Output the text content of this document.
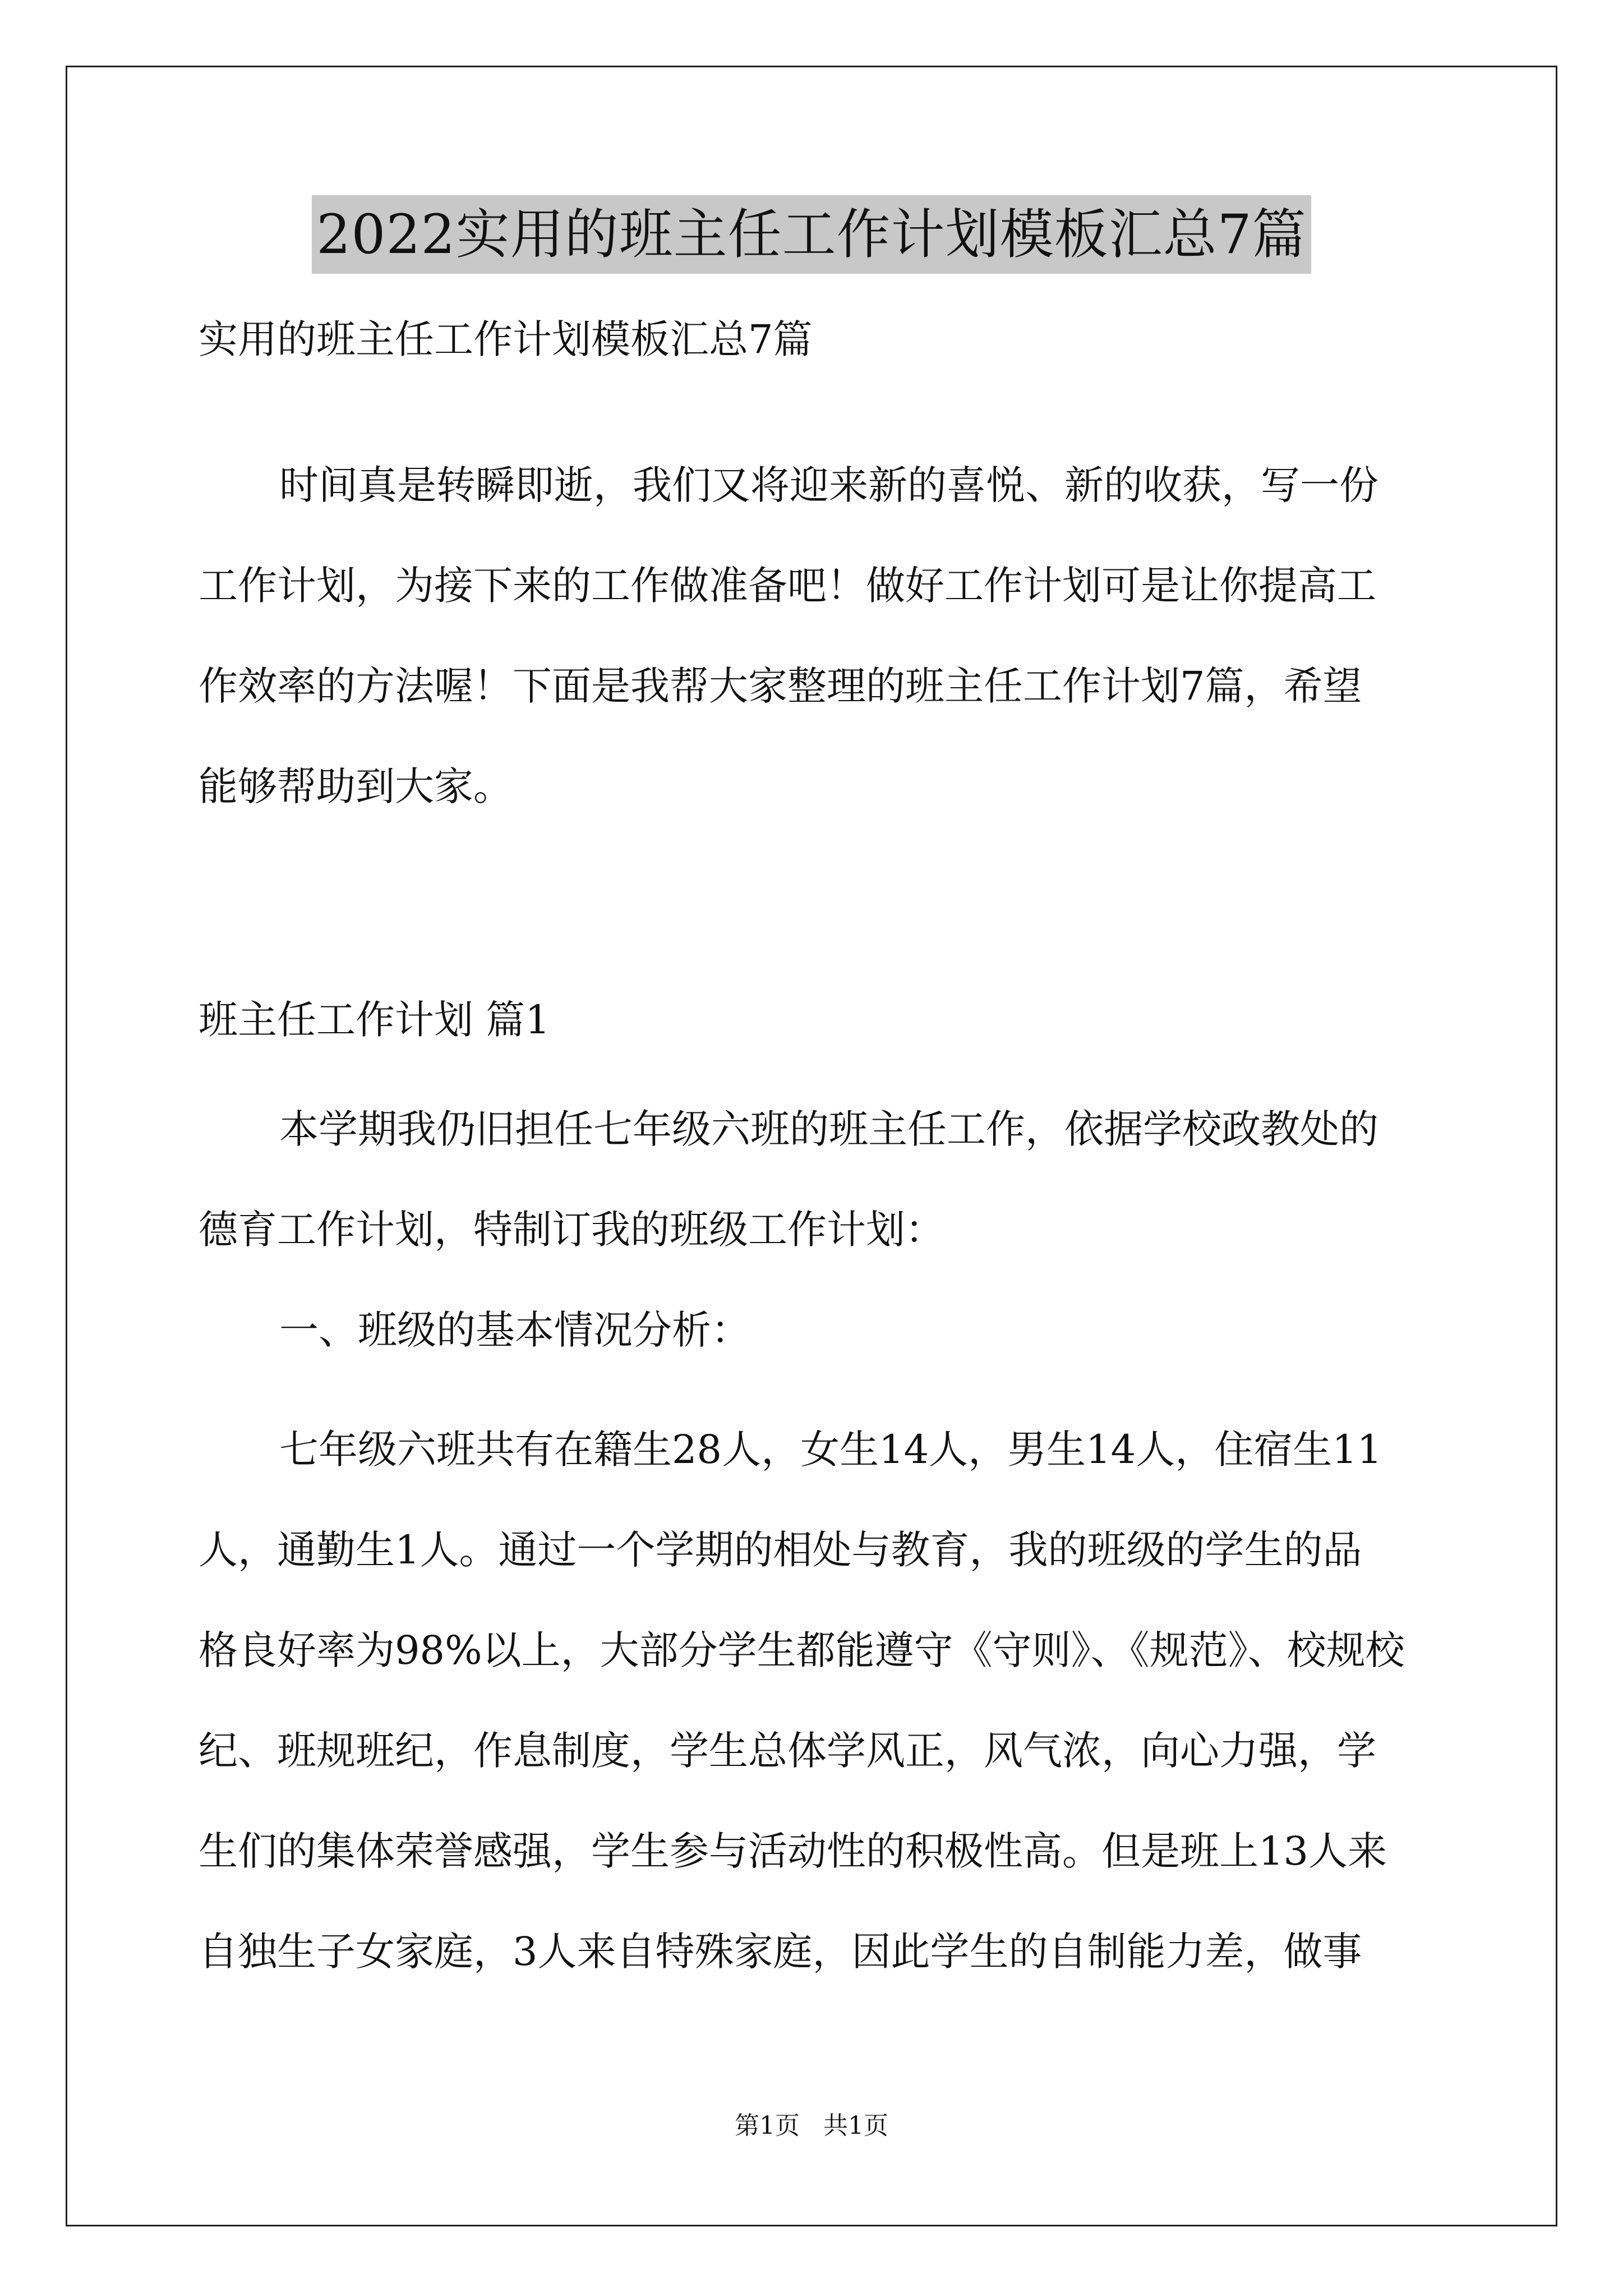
2022实用的班主任工作计划模板汇总7篇
实用的班主任工作计划模板汇总7篇
时间真是转瞬即逝，我们又将迎来新的喜悦、新的收获，写一份
工作计划，为接下来的工作做准备吧！做好工作计划可是让你提高工
作效率的方法喔！下面是我帮大家整理的班主任工作计划7篇，希望
能够帮助到大家。
班主任工作计划 篇1
本学期我仍旧担任七年级六班的班主任工作，依据学校政教处的
德育工作计划，特制订我的班级工作计划：
一、班级的基本情况分析：
七年级六班共有在籍生28人，女生14人，男生14人，住宿生11
人，通勤生1人。通过一个学期的相处与教育，我的班级的学生的品
格良好率为98%以上，大部分学生都能遵守《守则》、《规范》、校规校
纪、班规班纪，作息制度，学生总体学风正，风气浓，向心力强，学
生们的集体荣誉感强，学生参与活动性的积极性高。但是班上13人来
自独生子女家庭，3人来自特殊家庭，因此学生的自制能力差，做事
第1页   共1页
